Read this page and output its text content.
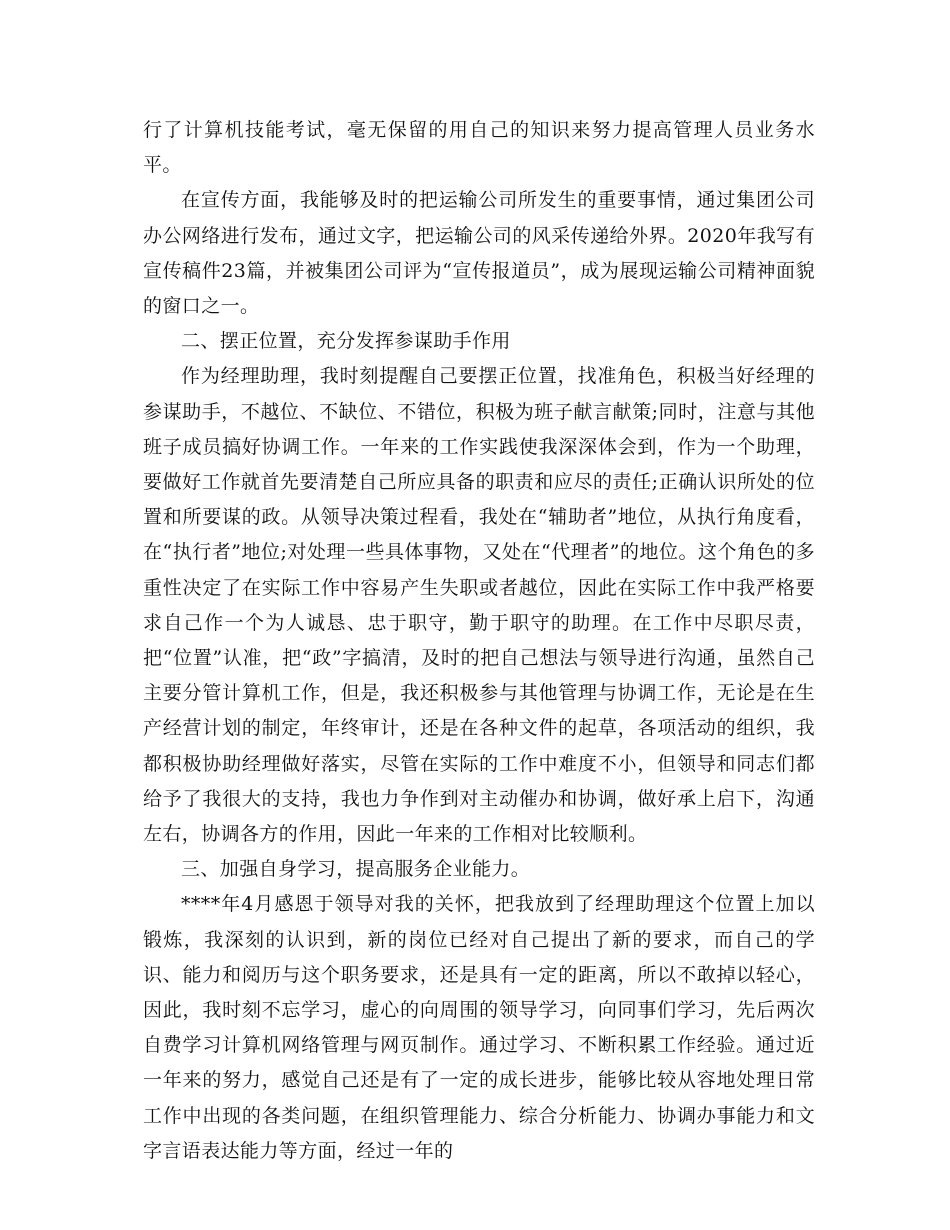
行了计算机技能考试，毫无保留的用自己的知识来努力提高管理人员业务水平。

在宣传方面，我能够及时的把运输公司所发生的重要事情，通过集团公司办公网络进行发布，通过文字，把运输公司的风采传递给外界。2020年我写有宣传稿件23篇，并被集团公司评为“宣传报道员”，成为展现运输公司精神面貌的窗口之一。

二、摆正位置，充分发挥参谋助手作用

作为经理助理，我时刻提醒自己要摆正位置，找准角色，积极当好经理的参谋助手，不越位、不缺位、不错位，积极为班子献言献策;同时，注意与其他班子成员搞好协调工作。一年来的工作实践使我深深体会到，作为一个助理，要做好工作就首先要清楚自己所应具备的职责和应尽的责任;正确认识所处的位置和所要谋的政。从领导决策过程看，我处在“辅助者”地位，从执行角度看，在“执行者”地位;对处理一些具体事物，又处在“代理者”的地位。这个角色的多重性决定了在实际工作中容易产生失职或者越位，因此在实际工作中我严格要求自己作一个为人诚恳、忠于职守，勤于职守的助理。在工作中尽职尽责，把“位置”认准，把“政”字搞清，及时的把自己想法与领导进行沟通，虽然自己主要分管计算机工作，但是，我还积极参与其他管理与协调工作，无论是在生产经营计划的制定，年终审计，还是在各种文件的起草，各项活动的组织，我都积极协助经理做好落实，尽管在实际的工作中难度不小，但领导和同志们都给予了我很大的支持，我也力争作到对主动催办和协调，做好承上启下，沟通左右，协调各方的作用，因此一年来的工作相对比较顺利。

三、加强自身学习，提高服务企业能力。

****年4月感恩于领导对我的关怀，把我放到了经理助理这个位置上加以锻炼，我深刻的认识到，新的岗位已经对自己提出了新的要求，而自己的学识、能力和阅历与这个职务要求，还是具有一定的距离，所以不敢掉以轻心，因此，我时刻不忘学习，虚心的向周围的领导学习，向同事们学习，先后两次自费学习计算机网络管理与网页制作。通过学习、不断积累工作经验。通过近一年来的努力，感觉自己还是有了一定的成长进步，能够比较从容地处理日常工作中出现的各类问题，在组织管理能力、综合分析能力、协调办事能力和文字言语表达能力等方面，经过一年的
